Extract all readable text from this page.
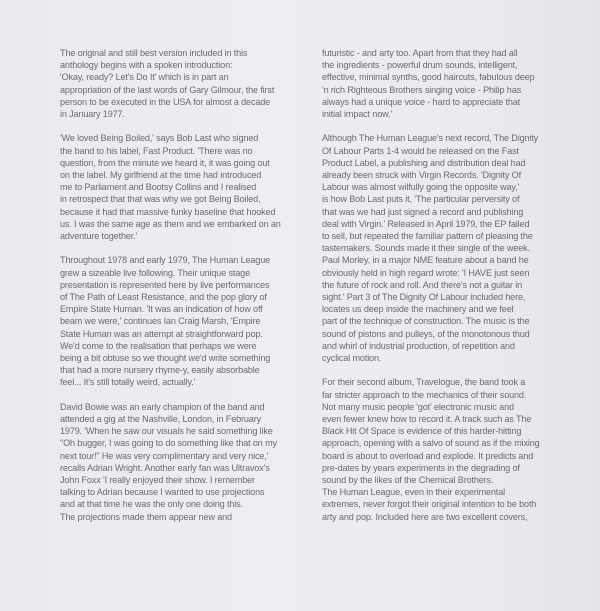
The original and still best version included in this
anthology begins with a spoken introduction:
'Okay, ready? Let's Do It' which is in part an
appropriation of the last words of Gary Gilmour, the first
person to be executed in the USA for almost a decade
in January 1977.

'We loved Being Boiled,' says Bob Last who signed
the band to his label, Fast Product. 'There was no
question, from the minute we heard it, it was going out
on the label. My girlfriend at the time had introduced
me to Parliament and Bootsy Collins and I realised
in retrospect that that was why we got Being Boiled,
because it had that massive funky baseline that hooked
us. I was the same age as them and we embarked on an
adventure together.'

Throughout 1978 and early 1979, The Human League
grew a sizeable live following. Their unique stage
presentation is represented here by live performances
of The Path of Least Resistance, and the pop glory of
Empire State Human. 'It was an indication of how off
beam we were,' continues Ian Craig Marsh, 'Empire
State Human was an attempt at straightforward pop.
We'd come to the realisation that perhaps we were
being a bit obtuse so we thought we'd write something
that had a more nursery rhyme-y, easily absorbable
feel... It's still totally weird, actually.'

David Bowie was an early champion of the band and
attended a gig at the Nashville, London, in February
1979. 'When he saw our visuals he said something like
"Oh bugger, I was going to do something like that on my
next tour!" He was very complimentary and very nice,'
recalls Adrian Wright. Another early fan was Ultravox's
John Foxx 'I really enjoyed their show. I remember
talking to Adrian because I wanted to use projections
and at that time he was the only one doing this.
The projections made them appear new and

futuristic - and arty too. Apart from that they had all
the ingredients - powerful drum sounds, intelligent,
effective, minimal synths, good haircuts, fabulous deep
'n rich Righteous Brothers singing voice - Philip has
always had a unique voice - hard to appreciate that
initial impact now.'

Although The Human League's next record, The Dignity
Of Labour Parts 1-4 would be released on the Fast
Product Label, a publishing and distribution deal had
already been struck with Virgin Records. 'Dignity Of
Labour was almost wilfully going the opposite way,'
is how Bob Last puts it, 'The particular perversity of
that was we had just signed a record and publishing
deal with Virgin.' Released in April 1979, the EP failed
to sell, but repeated the familiar pattern of pleasing the
tastemakers. Sounds made it their single of the week.
Paul Morley, in a major NME feature about a band he
obviously held in high regard wrote: 'I HAVE just seen
the future of rock and roll. And there's not a guitar in
sight.' Part 3 of The Dignity Of Labour included here,
locates us deep inside the machinery and we feel
part of the technique of construction. The music is the
sound of pistons and pulleys, of the monotonous thud
and whirl of industrial production, of repetition and
cyclical motion.

For their second album, Travelogue, the band took a
far stricter approach to the mechanics of their sound.
Not many music people 'got' electronic music and
even fewer knew how to record it. A track such as The
Black Hit Of Space is evidence of this harder-hitting
approach, opening with a salvo of sound as if the mixing
board is about to overload and explode. It predicts and
pre-dates by years experiments in the degrading of
sound by the likes of the Chemical Brothers.
The Human League, even in their experimental
extremes, never forgot their original intention to be both
arty and pop. Included here are two excellent covers,
